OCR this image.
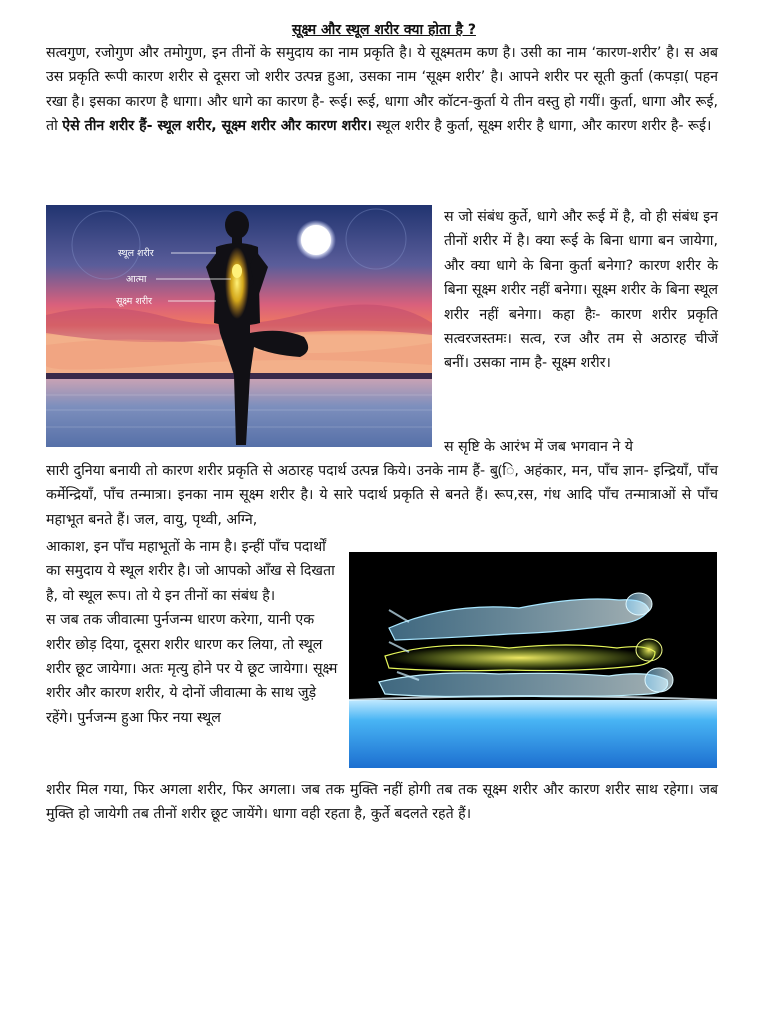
सूक्ष्म और स्थूल शरीर क्या होता है ?
सत्वगुण, रजोगुण और तमोगुण, इन तीनों के समुदाय का नाम प्रकृति है। ये सूक्ष्मतम कण है। उसी का नाम ‘कारण-शरीर’ है। स अब उस प्रकृति रूपी कारण शरीर से दूसरा जो शरीर उत्पन्न हुआ, उसका नाम ‘सूक्ष्म शरीर’ है। आपने शरीर पर सूती कुर्ता (कपड़ा( पहन रखा है। इसका कारण है धागा। और धागे का कारण है- रूई। रूई, धागा और कॉटन-कुर्ता ये तीन वस्तु हो गयीं। कुर्ता, धागा और रूई, तो ऐसे तीन शरीर हैं- स्थूल शरीर, सूक्ष्म शरीर और कारण शरीर। स्थूल शरीर है कुर्ता, सूक्ष्म शरीर है धागा, और कारण शरीर है- रूई।
स्थूल शरीर
आत्मा
सूक्ष्म शरीर
स जो संबंध कुर्ते, धागे और रूई में है, वो ही संबंध इन तीनों शरीर में है। क्या रूई के बिना धागा बन जायेगा, और क्या धागे के बिना कुर्ता बनेगा? कारण शरीर के बिना सूक्ष्म शरीर नहीं बनेगा। सूक्ष्म शरीर के बिना स्थूल शरीर नहीं बनेगा। कहा हैः- कारण शरीर प्रकृति सत्वरजस्तमः। सत्व, रज और तम से अठारह चीजें बनीं। उसका नाम है- सूक्ष्म शरीर।
स सृष्टि के आरंभ में जब भगवान ने ये
सारी दुनिया बनायी तो कारण शरीर प्रकृति से अठारह पदार्थ उत्पन्न किये। उनके नाम हैं- बु(ि, अहंकार, मन, पाँच ज्ञान- इन्द्रियाँ, पाँच कर्मेन्द्रियाँ, पाँच तन्मात्रा। इनका नाम सूक्ष्म शरीर है। ये सारे पदार्थ प्रकृति से बनते हैं। रूप,रस, गंध आदि पाँच तन्मात्राओं से पाँच महाभूत बनते हैं। जल, वायु, पृथ्वी, अग्नि,
आकाश, इन पाँच महाभूतों के नाम है। इन्हीं पाँच पदार्थों का समुदाय ये स्थूल शरीर है। जो आपको आँख से दिखता है, वो स्थूल रूप। तो ये इन तीनों का संबंध है।
स जब तक जीवात्मा पुर्नजन्म धारण करेगा, यानी एक शरीर छोड़ दिया, दूसरा शरीर धारण कर लिया, तो स्थूल शरीर छूट जायेगा। अतः मृत्यु होने पर ये छूट जायेगा। सूक्ष्म शरीर और कारण शरीर, ये दोनों जीवात्मा के साथ जुड़े रहेंगे। पुर्नजन्म हुआ फिर नया स्थूल
शरीर मिल गया, फिर अगला शरीर, फिर अगला। जब तक मुक्ति नहीं होगी तब तक सूक्ष्म शरीर और कारण शरीर साथ रहेगा। जब मुक्ति हो जायेगी तब तीनों शरीर छूट जायेंगे। धागा वही रहता है, कुर्ते बदलते रहते हैं।
